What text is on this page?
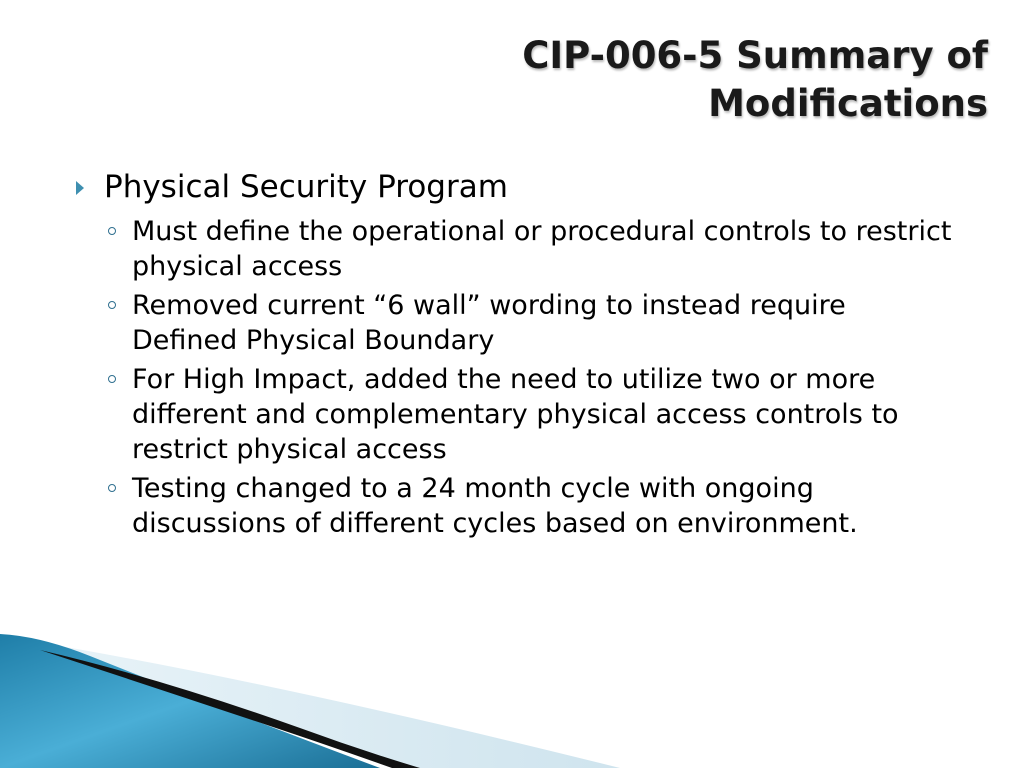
CIP-006-5 Summary of
Modifications
Physical Security Program
Must define the operational or procedural controls to restrict physical access
Removed current “6 wall” wording to instead require Defined Physical Boundary
For High Impact, added the need to utilize two or more different and complementary physical access controls to restrict physical access
Testing changed to a 24 month cycle with ongoing discussions of different cycles based on environment.
